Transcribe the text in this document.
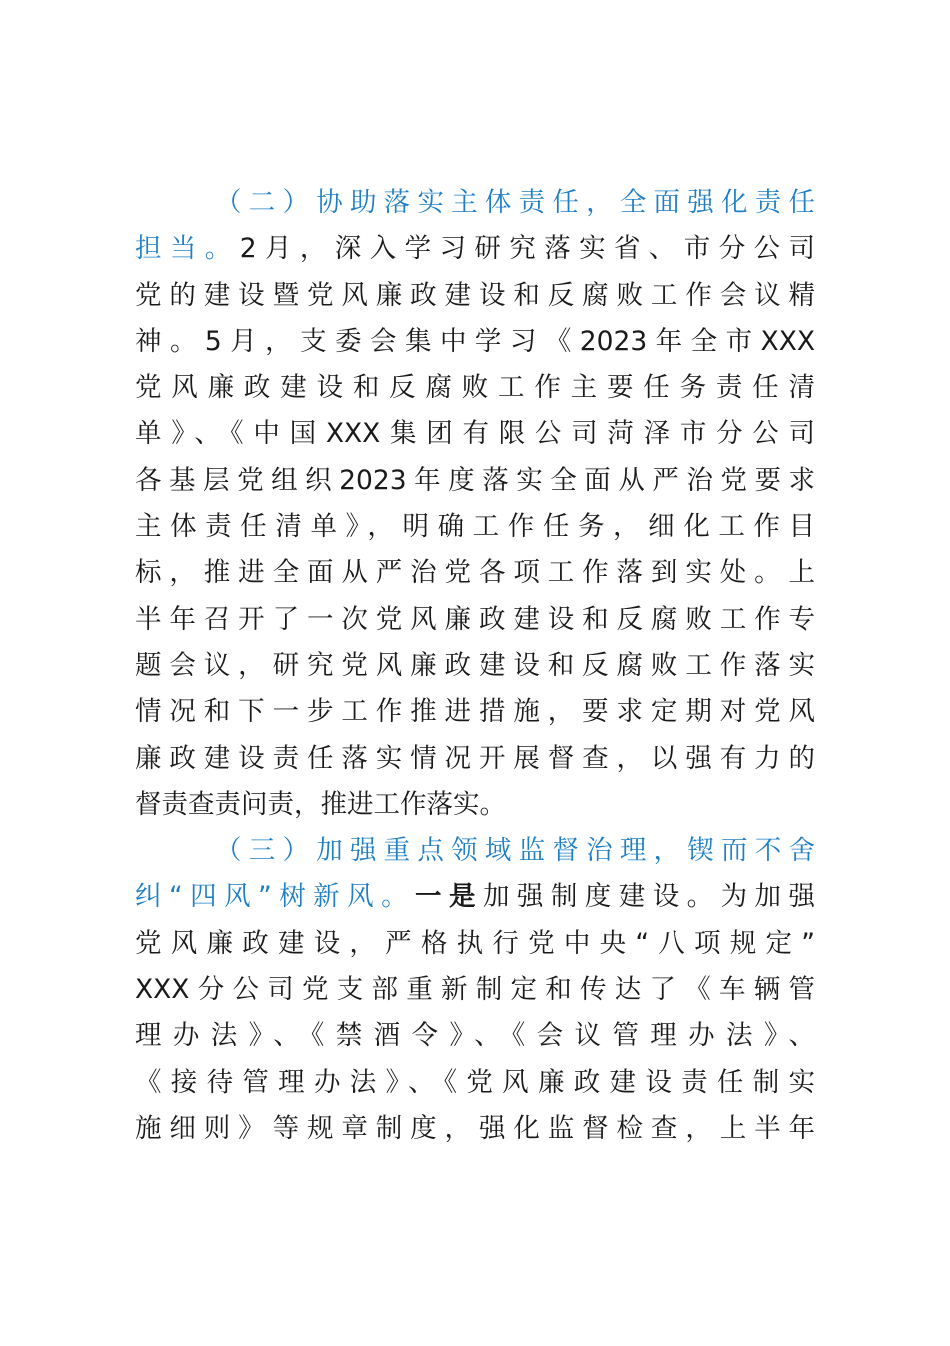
（二）协助落实主体责任，全面强化责任
担当。2月，深入学习研究落实省、市分公司
党的建设暨党风廉政建设和反腐败工作会议精
神。5月，支委会集中学习《2023年全市XXX
党风廉政建设和反腐败工作主要任务责任清
单》、《中国XXX集团有限公司菏泽市分公司
各基层党组织2023年度落实全面从严治党要求
主体责任清单》，明确工作任务，细化工作目
标，推进全面从严治党各项工作落到实处。上
半年召开了一次党风廉政建设和反腐败工作专
题会议，研究党风廉政建设和反腐败工作落实
情况和下一步工作推进措施，要求定期对党风
廉政建设责任落实情况开展督查，以强有力的
督责查责问责，推进工作落实。
（三）加强重点领域监督治理，锲而不舍
纠“四风”树新风。一是加强制度建设。为加强
党风廉政建设，严格执行党中央“八项规定”
XXX分公司党支部重新制定和传达了《车辆管
理办法》、《禁酒令》、《会议管理办法》、
《接待管理办法》、《党风廉政建设责任制实
施细则》等规章制度，强化监督检查，上半年
